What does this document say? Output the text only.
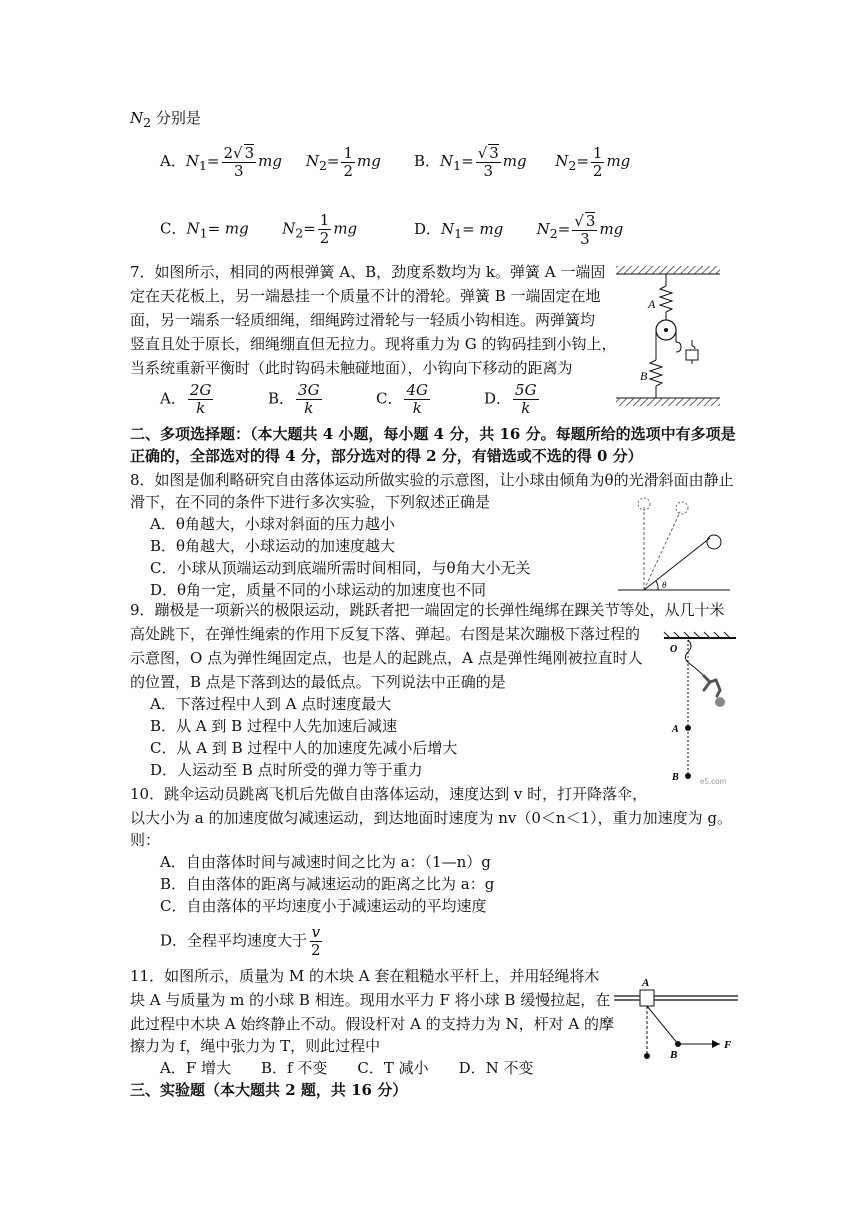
$N_2$ 分别是
A．$N_1= \frac{2√ 3}{3}$ mg $N_2= \frac{1}{2}$ mg B．$N_1= \frac{√ 3}{3}$ mg $N_2= \frac{1}{2}$ mg
C．$N_1=$ mg $N_2= \frac{1}{2}$ mg	D．$N_1=$ mg $N_2= \frac{√ 3}{3}$ mg
7．如图所示，相同的两根弹簧 A、B，劲度系数均为 k。弹簧 A 一端固
定在天花板上，另一端悬挂一个质量不计的滑轮。弹簧 B 一端固定在地
面，另一端系一轻质细绳，细绳跨过滑轮与一轻质小钩相连。两弹簧均
竖直且处于原长，细绳绷直但无拉力。现将重力为 G 的钩码挂到小钩上，
当系统重新平衡时（此时钩码未触碰地面），小钩向下移动的距离为
A． $\frac{2G}{k}$	B． $\frac{3G}{k}$	C． $\frac{4G}{k}$	D． $\frac{5G}{k}$
A
B
二、多项选择题：（本大题共 4 小题，每小题 4 分，共 16 分。每题所给的选项中有多项是
正确的，全部选对的得 4 分，部分选对的得 2 分，有错选或不选的得 0 分）
8．如图是伽利略研究自由落体运动所做实验的示意图，让小球由倾角为θ的光滑斜面由静止
滑下，在不同的条件下进行多次实验，下列叙述正确是
A．θ角越大，小球对斜面的压力越小
B．θ角越大，小球运动的加速度越大
C．小球从顶端运动到底端所需时间相同，与θ角大小无关
D．θ角一定，质量不同的小球运动的加速度也不同	θ
9．蹦极是一项新兴的极限运动，跳跃者把一端固定的长弹性绳绑在踝关节等处，从几十米
高处跳下，在弹性绳索的作用下反复下落、弹起。右图是某次蹦极下落过程的
示意图，O 点为弹性绳固定点，也是人的起跳点，A 点是弹性绳刚被拉直时人
的位置，B 点是下落到达的最低点。下列说法中正确的是
A．下落过程中人到 A 点时速度最大
B．从 A 到 B 过程中人先加速后减速
C．从 A 到 B 过程中人的加速度先减小后增大
D．人运动至 B 点时所受的弹力等于重力
O
A
B	e5.com
10．跳伞运动员跳离飞机后先做自由落体运动，速度达到 v 时，打开降落伞，
以大小为 a 的加速度做匀减速运动，到达地面时速度为 nv（0＜n＜1），重力加速度为 g。
则：
A．自由落体时间与减速时间之比为 a：（1—n）g
B．自由落体的距离与减速运动的距离之比为 a：g
C．自由落体的平均速度小于减速运动的平均速度
D．全程平均速度大于 $\frac{v}{2}$
11．如图所示，质量为 M 的木块 A 套在粗糙水平杆上，并用轻绳将木
块 A 与质量为 m 的小球 B 相连。现用水平力 F 将小球 B 缓慢拉起，在
此过程中木块 A 始终静止不动。假设杆对 A 的支持力为 N，杆对 A 的摩
擦力为 f，绳中张力为 T，则此过程中
A．F 增大　　B．f 不变　　C．T 减小　　D．N 不变
A
B
F
三、实验题（本大题共 2 题，共 16 分）
